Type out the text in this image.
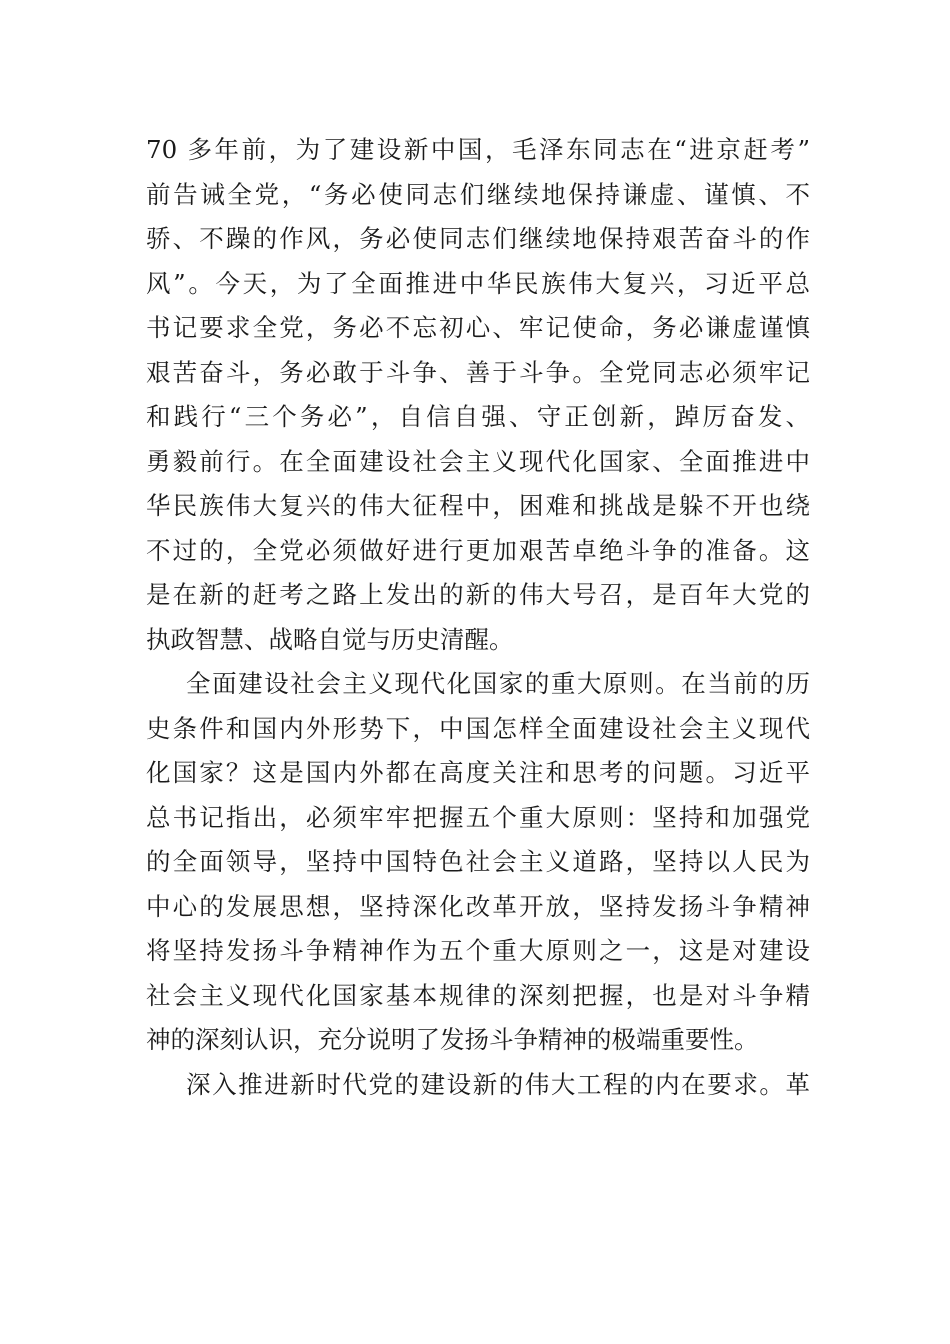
70 多年前，为了建设新中国，毛泽东同志在“进京赶考”
前告诫全党，“务必使同志们继续地保持谦虚、谨慎、不
骄、不躁的作风，务必使同志们继续地保持艰苦奋斗的作
风”。今天，为了全面推进中华民族伟大复兴，习近平总
书记要求全党，务必不忘初心、牢记使命，务必谦虚谨慎
艰苦奋斗，务必敢于斗争、善于斗争。全党同志必须牢记
和践行“三个务必”，自信自强、守正创新，踔厉奋发、
勇毅前行。在全面建设社会主义现代化国家、全面推进中
华民族伟大复兴的伟大征程中，困难和挑战是躲不开也绕
不过的，全党必须做好进行更加艰苦卓绝斗争的准备。这
是在新的赶考之路上发出的新的伟大号召，是百年大党的
执政智慧、战略自觉与历史清醒。
全面建设社会主义现代化国家的重大原则。在当前的历
史条件和国内外形势下，中国怎样全面建设社会主义现代
化国家？这是国内外都在高度关注和思考的问题。习近平
总书记指出，必须牢牢把握五个重大原则：坚持和加强党
的全面领导，坚持中国特色社会主义道路，坚持以人民为
中心的发展思想，坚持深化改革开放，坚持发扬斗争精神
将坚持发扬斗争精神作为五个重大原则之一，这是对建设
社会主义现代化国家基本规律的深刻把握，也是对斗争精
神的深刻认识，充分说明了发扬斗争精神的极端重要性。
深入推进新时代党的建设新的伟大工程的内在要求。革
